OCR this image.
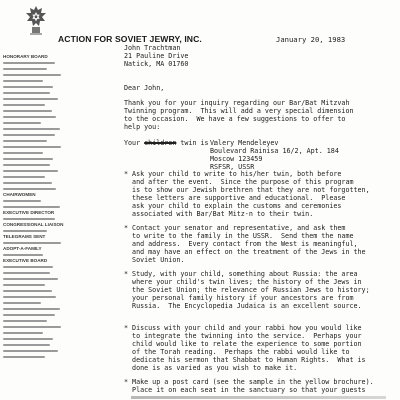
ACTION FOR SOVIET JEWRY, INC.	January 20, 1983
HONORARY BOARD
CHAIRWOMEN
EXECUTIVE DIRECTOR
CONGRESSIONAL LIAISON
TELEGRAMS SENT
ADOPT-A-FAMILY
EXECUTIVE BOARD
John Trachtman
21 Pauline Drive
Natick, MA 01760
Dear John,
Thank you for your inquiry regarding our Bar/Bat Mitzvah
Twinning program.  This will add a very special dimension
to the occasion.  We have a few suggestions to offer to
help you:
Your children twin is :
Valery Mendeleyev
Boulevard Rainisa 16/2, Apt. 184
Moscow 123459
RSFSR, USSR
* Ask your child to write to his/her twin, both before
and after the event.  Since the purpose of this program
is to show our Jewish brethren that they are not forgotten,
these letters are supportive and educational.  Please
ask your child to explain the customs and ceremonies
associated with Bar/Bat Mitz-n to their twin.
* Contact your senator and representative, and ask them
to write to the family in the USSR.  Send them the name
and address.  Every contact from the West is meaningful,
and may have an effect on the treatment of the Jews in the
Soviet Union.
* Study, with your child, something about Russia: the area
where your child's twin lives; the history of the Jews in
the Soviet Union; the relevance of Russian Jews to history;
your personal family history if your ancestors are from
Russia.  The Encyclopedia Judaica is an excellent source.
* Discuss with your child and your rabbi how you would like
to integrate the twinning into the service.  Perhaps your
child would like to relate the experience to some portion
of the Torah reading.  Perhaps the rabbi would like to
dedicate his sermon that Shabbat to Human Rights.  What is
done is as varied as you wish to make it.
* Make up a post card (see the sample in the yellow brochure).
Place it on each seat in the sanctuary so that your guests
